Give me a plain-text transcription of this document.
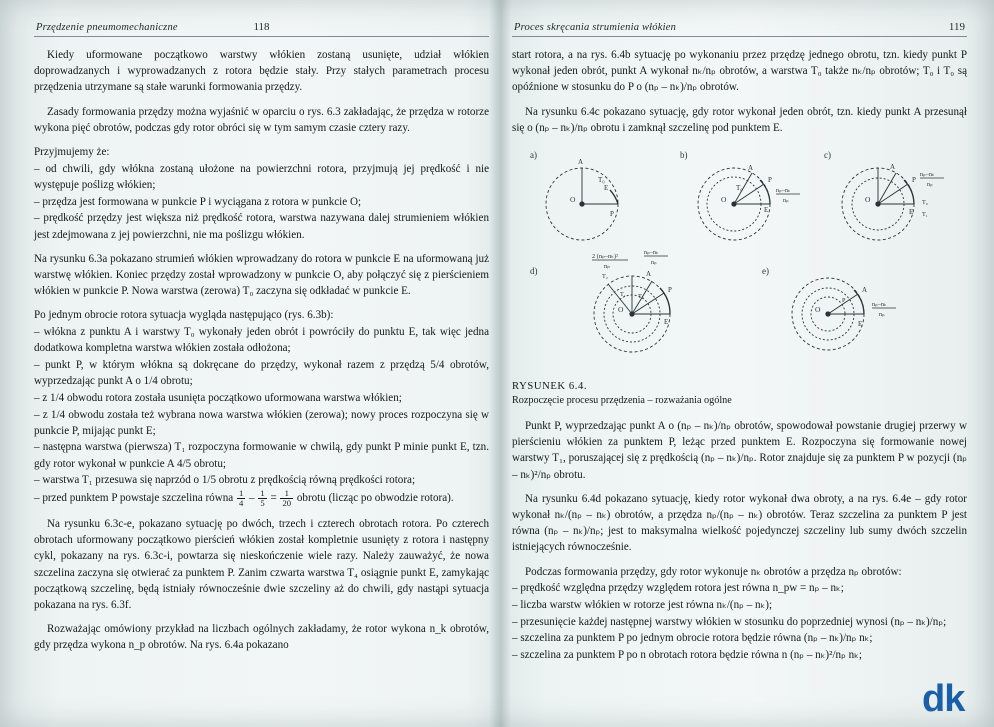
Przędzenie pneumomechaniczne	118

Kiedy uformowane początkowo warstwy włókien zostaną usunięte, udział włókien doprowadzanych i wyprowadzanych z rotora będzie stały. Przy stałych parametrach procesu przędzenia utrzymane są stałe warunki formowania przędzy.

Zasady formowania przędzy można wyjaśnić w oparciu o rys. 6.3 zakładając, że przędza w rotorze wykona pięć obrotów, podczas gdy rotor obróci się w tym samym czasie cztery razy.

Przyjmujemy że:

– od chwili, gdy włókna zostaną ułożone na powierzchni rotora, przyjmują jej prędkość i nie występuje poślizg włókien;

– przędza jest formowana w punkcie P i wyciągana z rotora w punkcie O;

– prędkość przędzy jest większa niż prędkość rotora, warstwa nazywana dalej strumieniem włókien jest zdejmowana z jej powierzchni, nie ma poślizgu włókien.

Na rysunku 6.3a pokazano strumień włókien wprowadzany do rotora w punkcie E na uformowaną już warstwę włókien. Koniec przędzy został wprowadzony w punkcie O, aby połączyć się z pierścieniem włókien w punkcie P. Nowa warstwa (zerowa) T₀ zaczyna się odkładać w punkcie E.

Po jednym obrocie rotora sytuacja wygląda następująco (rys. 6.3b):

– włókna z punktu A i warstwy T₀ wykonały jeden obrót i powróciły do punktu E, tak więc jedna dodatkowa kompletna warstwa włókien została odłożona;

– punkt P, w którym włókna są dokręcane do przędzy, wykonał razem z przędzą 5/4 obrotów, wyprzedzając punkt A o 1/4 obrotu;

– z 1/4 obwodu rotora została usunięta początkowo uformowana warstwa włókien;

– z 1/4 obwodu została też wybrana nowa warstwa włókien (zerowa); nowy proces rozpoczyna się w punkcie P, mijając punkt E;

– następna warstwa (pierwsza) T₁ rozpoczyna formowanie w chwilą, gdy punkt P minie punkt E, tzn. gdy rotor wykonał w punkcie A 4/5 obrotu;

– warstwa T₁ przesuwa się naprzód o 1/5 obrotu z prędkością równą prędkości rotora;

– przed punktem P powstaje szczelina równa $\frac{1}{4} - \frac{1}{5} = \frac{1}{20}$ obrotu (licząc po obwodzie rotora).

Na rysunku 6.3c-e, pokazano sytuację po dwóch, trzech i czterech obrotach rotora. Po czterech obrotach uformowany początkowo pierścień włókien został kompletnie usunięty z rotora i następny cykl, pokazany na rys. 6.3c-i, powtarza się nieskończenie wiele razy. Należy zauważyć, że nowa szczelina zaczyna się otwierać za punktem P. Zanim czwarta warstwa T₄ osiągnie punkt E, zamykając początkową szczelinę, będą istniały równocześnie dwie szczeliny aż do chwili, gdy nastąpi sytuacja pokazana na rys. 6.3f.

Rozważając omówiony przykład na liczbach ogólnych zakładamy, że rotor wykona n_k obrotów, gdy przędza wykona n_p obrotów. Na rys. 6.4a pokazano

Proces skręcania strumienia włókien	119

start rotora, a na rys. 6.4b sytuację po wykonaniu przez przędzę jednego obrotu, tzn. kiedy punkt P wykonał jeden obrót, punkt A wykonał nₖ/nₚ obrotów, a warstwa T₀ także nₖ/nₚ obrotów; T₀ i T₀ są opóźnione w stosunku do P o (nₚ – nₖ)/nₚ obrotów.

Na rysunku 6.4c pokazano sytuację, gdy rotor wykonał jeden obrót, tzn. kiedy punkt A przesunął się o (nₚ – nₖ)/nₚ obrotu i zamknął szczelinę pod punktem E.

a)
O
E
P
T₀
A
b)
O
E
P
A
nₚ–nₖ
nₚ
T₀
c)
O
E
P
A
nₚ–nₖ
nₚ
T₀
T₁
d)
O
E
P
A
T₂
T₁ T₀
2 (nₚ–nₖ)²
nₚ
nₚ–nₖ
nₚ
e)
O
E
A
nₚ–nₖ
nₚ
P
RYSUNEK 6.4.
Rozpoczęcie procesu przędzenia – rozważania ogólne

Punkt P, wyprzedzając punkt A o (nₚ – nₖ)/nₚ obrotów, spowodował powstanie drugiej przerwy w pierścieniu włókien za punktem P, leżąc przed punktem E. Rozpoczyna się formowanie nowej warstwy T₁, poruszającej się z prędkością (nₚ – nₖ)/nₚ. Rotor znajduje się za punktem P w pozycji (nₚ – nₖ)²/nₚ obrotu.

Na rysunku 6.4d pokazano sytuację, kiedy rotor wykonał dwa obroty, a na rys. 6.4e – gdy rotor wykonał nₖ/(nₚ – nₖ) obrotów, a przędza nₚ/(nₚ – nₖ) obrotów. Teraz szczelina za punktem P jest równa (nₚ – nₖ)/nₚ; jest to maksymalna wielkość pojedynczej szczeliny lub sumy dwóch szczelin istniejących równocześnie.

Podczas formowania przędzy, gdy rotor wykonuje nₖ obrotów a przędza nₚ obrotów:

– prędkość względna przędzy względem rotora jest równa n_pw = nₚ – nₖ;

– liczba warstw włókien w rotorze jest równa nₖ/(nₚ – nₖ);

– przesunięcie każdej następnej warstwy włókien w stosunku do poprzedniej wynosi (nₚ – nₖ)/nₚ;

– szczelina za punktem P po jednym obrocie rotora będzie równa (nₚ – nₖ)/nₚ nₖ;

– szczelina za punktem P po n obrotach rotora będzie równa n (nₚ – nₖ)²/nₚ nₖ;

dk
